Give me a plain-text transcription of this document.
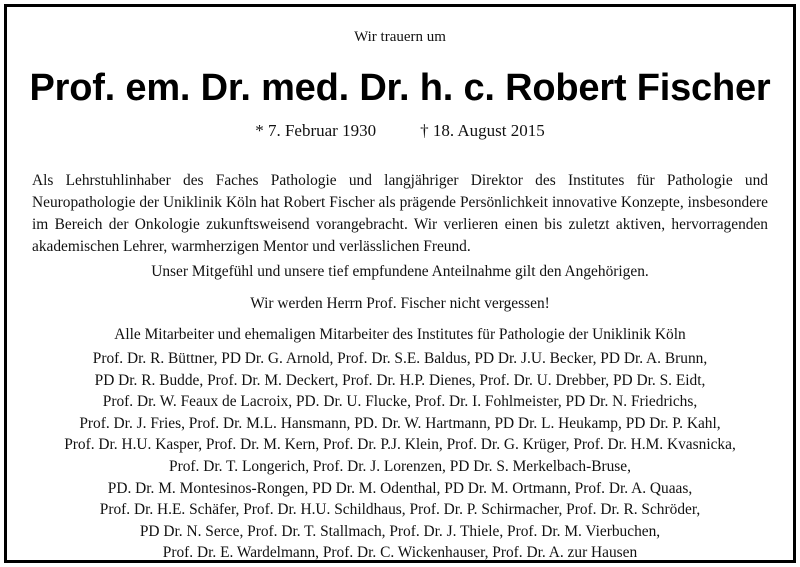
Wir trauern um
Prof. em. Dr. med. Dr. h. c. Robert Fischer
* 7. Februar 1930	† 18. August 2015
Als Lehrstuhlinhaber des Faches Pathologie und langjähriger Direktor des Institutes für Pathologie und Neuropathologie der Uniklinik Köln hat Robert Fischer als prägende Persönlichkeit innovative Konzepte, insbesondere im Bereich der Onkologie zukunftsweisend vorangebracht. Wir verlieren einen bis zuletzt aktiven, hervorragenden akademischen Lehrer, warmherzigen Mentor und verlässlichen Freund.
Unser Mitgefühl und unsere tief empfundene Anteilnahme gilt den Angehörigen.
Wir werden Herrn Prof. Fischer nicht vergessen!
Alle Mitarbeiter und ehemaligen Mitarbeiter des Institutes für Pathologie der Uniklinik Köln
Prof. Dr. R. Büttner, PD Dr. G. Arnold, Prof. Dr. S.E. Baldus, PD Dr. J.U. Becker, PD Dr. A. Brunn,
PD Dr. R. Budde, Prof. Dr. M. Deckert, Prof. Dr. H.P. Dienes, Prof. Dr. U. Drebber, PD Dr. S. Eidt,
Prof. Dr. W. Feaux de Lacroix, PD. Dr. U. Flucke, Prof. Dr. I. Fohlmeister, PD Dr. N. Friedrichs,
Prof. Dr. J. Fries, Prof. Dr. M.L. Hansmann, PD. Dr. W. Hartmann, PD Dr. L. Heukamp, PD Dr. P. Kahl,
Prof. Dr. H.U. Kasper, Prof. Dr. M. Kern, Prof. Dr. P.J. Klein, Prof. Dr. G. Krüger, Prof. Dr. H.M. Kvasnicka,
Prof. Dr. T. Longerich, Prof. Dr. J. Lorenzen, PD Dr. S. Merkelbach-Bruse,
PD. Dr. M. Montesinos-Rongen, PD Dr. M. Odenthal, PD Dr. M. Ortmann, Prof. Dr. A. Quaas,
Prof. Dr. H.E. Schäfer, Prof. Dr. H.U. Schildhaus, Prof. Dr. P. Schirmacher, Prof. Dr. R. Schröder,
PD Dr. N. Serce, Prof. Dr. T. Stallmach, Prof. Dr. J. Thiele, Prof. Dr. M. Vierbuchen,
Prof. Dr. E. Wardelmann, Prof. Dr. C. Wickenhauser, Prof. Dr. A. zur Hausen
